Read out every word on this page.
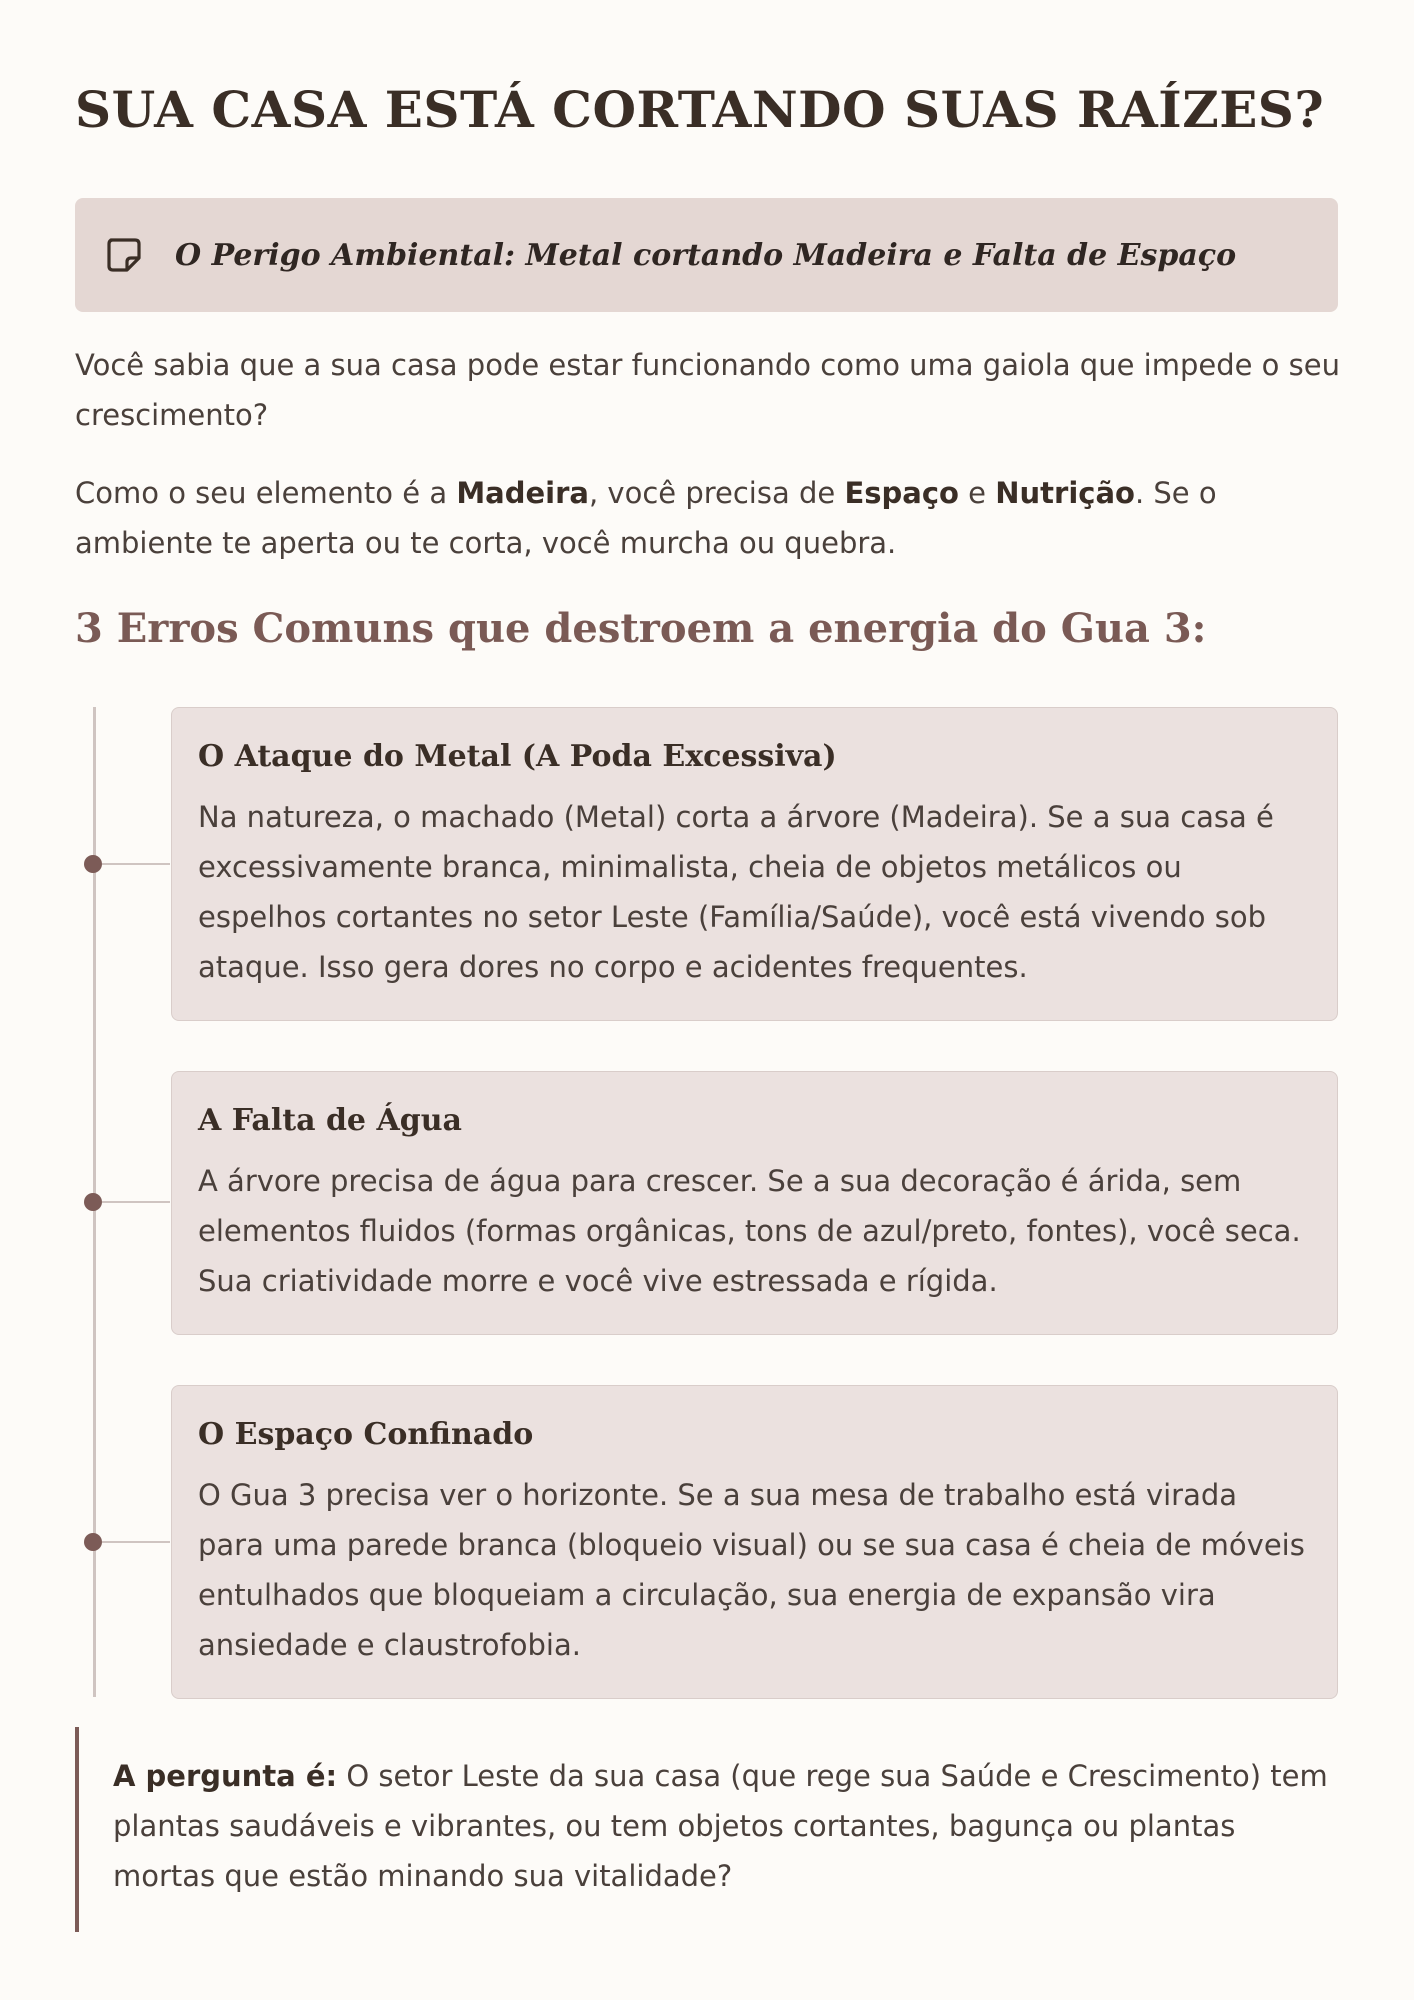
SUA CASA ESTÁ CORTANDO SUAS RAÍZES?
O Perigo Ambiental: Metal cortando Madeira e Falta de Espaço

Você sabia que a sua casa pode estar funcionando como uma gaiola que impede o seu crescimento?

Como o seu elemento é a Madeira, você precisa de Espaço e Nutrição. Se o ambiente te aperta ou te corta, você murcha ou quebra.

3 Erros Comuns que destroem a energia do Gua 3:
O Ataque do Metal (A Poda Excessiva)

Na natureza, o machado (Metal) corta a árvore (Madeira). Se a sua casa é excessivamente branca, minimalista, cheia de objetos metálicos ou espelhos cortantes no setor Leste (Família/Saúde), você está vivendo sob ataque. Isso gera dores no corpo e acidentes frequentes.

A Falta de Água

A árvore precisa de água para crescer. Se a sua decoração é árida, sem elementos fluidos (formas orgânicas, tons de azul/preto, fontes), você seca. Sua criatividade morre e você vive estressada e rígida.

O Espaço Confinado

O Gua 3 precisa ver o horizonte. Se a sua mesa de trabalho está virada para uma parede branca (bloqueio visual) ou se sua casa é cheia de móveis entulhados que bloqueiam a circulação, sua energia de expansão vira ansiedade e claustrofobia.

A pergunta é: O setor Leste da sua casa (que rege sua Saúde e Crescimento) tem plantas saudáveis e vibrantes, ou tem objetos cortantes, bagunça ou plantas mortas que estão minando sua vitalidade?
